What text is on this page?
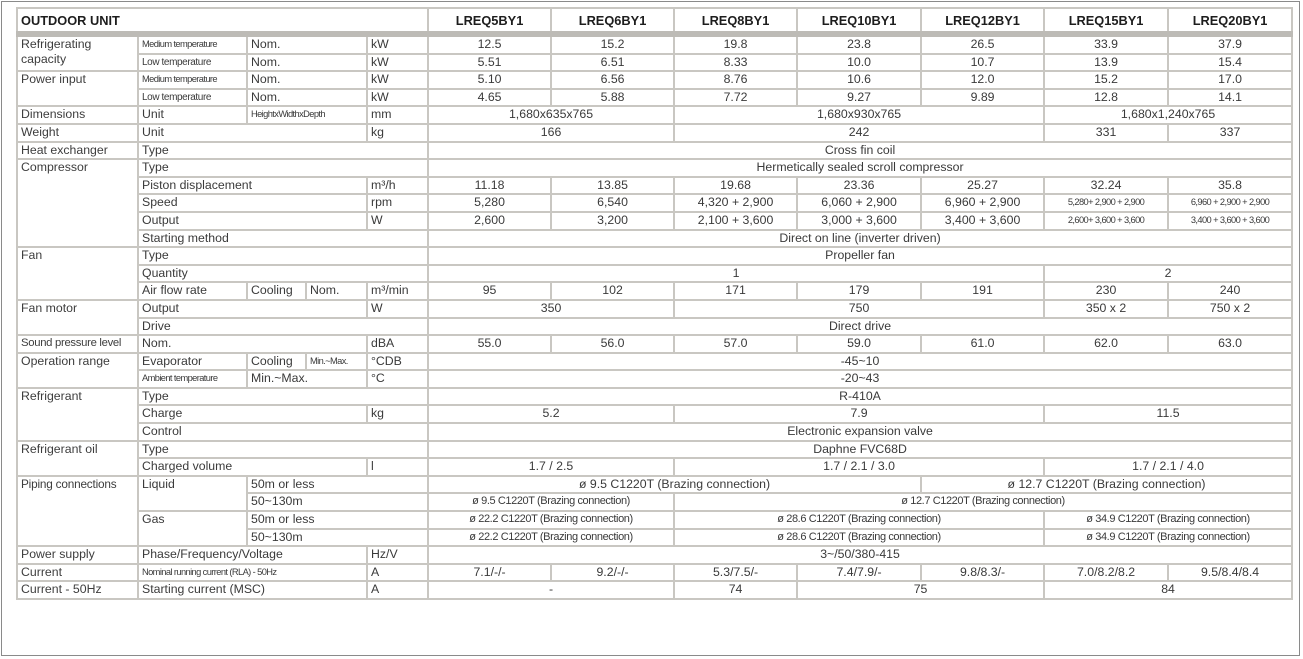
OUTDOOR UNIT					LREQ5BY1	LREQ6BY1	LREQ8BY1	LREQ10BY1	LREQ12BY1	LREQ15BY1	LREQ20BY1
Refrigerating capacity	Medium temperature	Nom.		kW	12.5	15.2	19.8	23.8	26.5	33.9	37.9
	Low temperature	Nom.		kW	5.51	6.51	8.33	10.0	10.7	13.9	15.4
Power input	Medium temperature	Nom.		kW	5.10	6.56	8.76	10.6	12.0	15.2	17.0
	Low temperature	Nom.		kW	4.65	5.88	7.72	9.27	9.89	12.8	14.1
Dimensions	Unit	HeightxWidthxDepth		mm	1,680x635x765		1,680x930x765			1,680x1,240x765	
Weight	Unit			kg	166		242			331	337
Heat exchanger	Type				Cross fin coil						
Compressor	Type				Hermetically sealed scroll compressor						
	Piston displacement			m³/h	11.18	13.85	19.68	23.36	25.27	32.24	35.8
	Speed			rpm	5,280	6,540	4,320 + 2,900	6,060 + 2,900	6,960 + 2,900	5,280+ 2,900 + 2,900	6,960 + 2,900 + 2,900
	Output			W	2,600	3,200	2,100 + 3,600	3,000 + 3,600	3,400 + 3,600	2,600+ 3,600 + 3,600	3,400 + 3,600 + 3,600
	Starting method				Direct on line (inverter driven)						
Fan	Type				Propeller fan						
	Quantity				1					2	
	Air flow rate	Cooling	Nom.	m³/min	95	102	171	179	191	230	240
Fan motor	Output			W	350		750			350 x 2	750 x 2
	Drive				Direct drive						
Sound pressure level	Nom.			dBA	55.0	56.0	57.0	59.0	61.0	62.0	63.0
Operation range	Evaporator	Cooling	Min.~Max.	°CDB	-45~10						
	Ambient temperature	Min.~Max.		°C	-20~43						
Refrigerant	Type				R-410A						
	Charge			kg	5.2		7.9			11.5	
	Control				Electronic expansion valve						
Refrigerant oil	Type				Daphne FVC68D						
	Charged volume			l	1.7 / 2.5		1.7 / 2.1 / 3.0			1.7 / 2.1 / 4.0	
Piping connections	Liquid	50m or less			ø 9.5 C1220T (Brazing connection)				ø 12.7 C1220T (Brazing connection)		
		50~130m			ø 9.5 C1220T (Brazing connection)		ø 12.7 C1220T (Brazing connection)				
	Gas	50m or less			ø 22.2 C1220T (Brazing connection)		ø 28.6 C1220T (Brazing connection)			ø 34.9 C1220T (Brazing connection)	
		50~130m			ø 22.2 C1220T (Brazing connection)		ø 28.6 C1220T (Brazing connection)			ø 34.9 C1220T (Brazing connection)	
Power supply	Phase/Frequency/Voltage			Hz/V	3~/50/380-415						
Current	Nominal running current (RLA) - 50Hz			A	7.1/-/-	9.2/-/-	5.3/7.5/-	7.4/7.9/-	9.8/8.3/-	7.0/8.2/8.2	9.5/8.4/8.4
Current - 50Hz	Starting current (MSC)			A	-		74	75		84	
